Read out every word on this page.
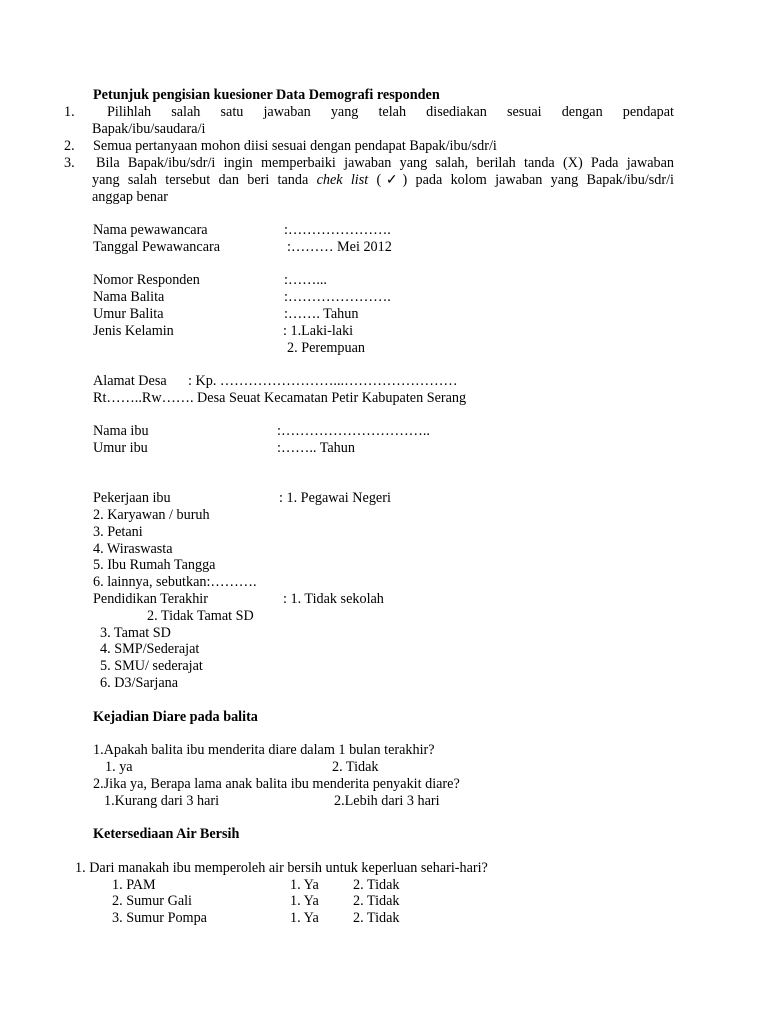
Petunjuk pengisian kuesioner Data Demografi responden
1. Pilihlah salah satu jawaban yang telah disediakan sesuai dengan pendapat
Bapak/ibu/saudara/i
2. Semua pertanyaan mohon diisi sesuai dengan pendapat Bapak/ibu/sdr/i
3. Bila Bapak/ibu/sdr/i ingin memperbaiki jawaban yang salah, berilah tanda (X) Pada jawaban
yang salah tersebut dan beri tanda chek list (✓) pada kolom jawaban yang Bapak/ibu/sdr/i
anggap benar
Nama pewawancara	:………………….
Tanggal Pewawancara	:……… Mei 2012
Nomor Responden	:……...
Nama Balita	:………………….
Umur Balita	:……. Tahun
Jenis Kelamin	: 1.Laki-laki
2. Perempuan
Alamat Desa : Kp. ……………………...……………………
Rt……..Rw……. Desa Seuat Kecamatan Petir Kabupaten Serang
Nama ibu	:…………………………..
Umur ibu	:…….. Tahun
Pekerjaan ibu	: 1. Pegawai Negeri
2. Karyawan / buruh
3. Petani
4. Wiraswasta
5. Ibu Rumah Tangga
6. lainnya, sebutkan:……….
Pendidikan Terakhir	: 1. Tidak sekolah
2. Tidak Tamat SD
3. Tamat SD
4. SMP/Sederajat
5. SMU/ sederajat
6. D3/Sarjana
Kejadian Diare pada balita
1.Apakah balita ibu menderita diare dalam 1 bulan terakhir?
1. ya	2. Tidak
2.Jika ya, Berapa lama anak balita ibu menderita penyakit diare?
1.Kurang dari 3 hari	2.Lebih dari 3 hari
Ketersediaan Air Bersih
1. Dari manakah ibu memperoleh air bersih untuk keperluan sehari-hari?
1. PAM	1. Ya 2. Tidak
2. Sumur Gali	1. Ya 2. Tidak
3. Sumur Pompa	1. Ya 2. Tidak
